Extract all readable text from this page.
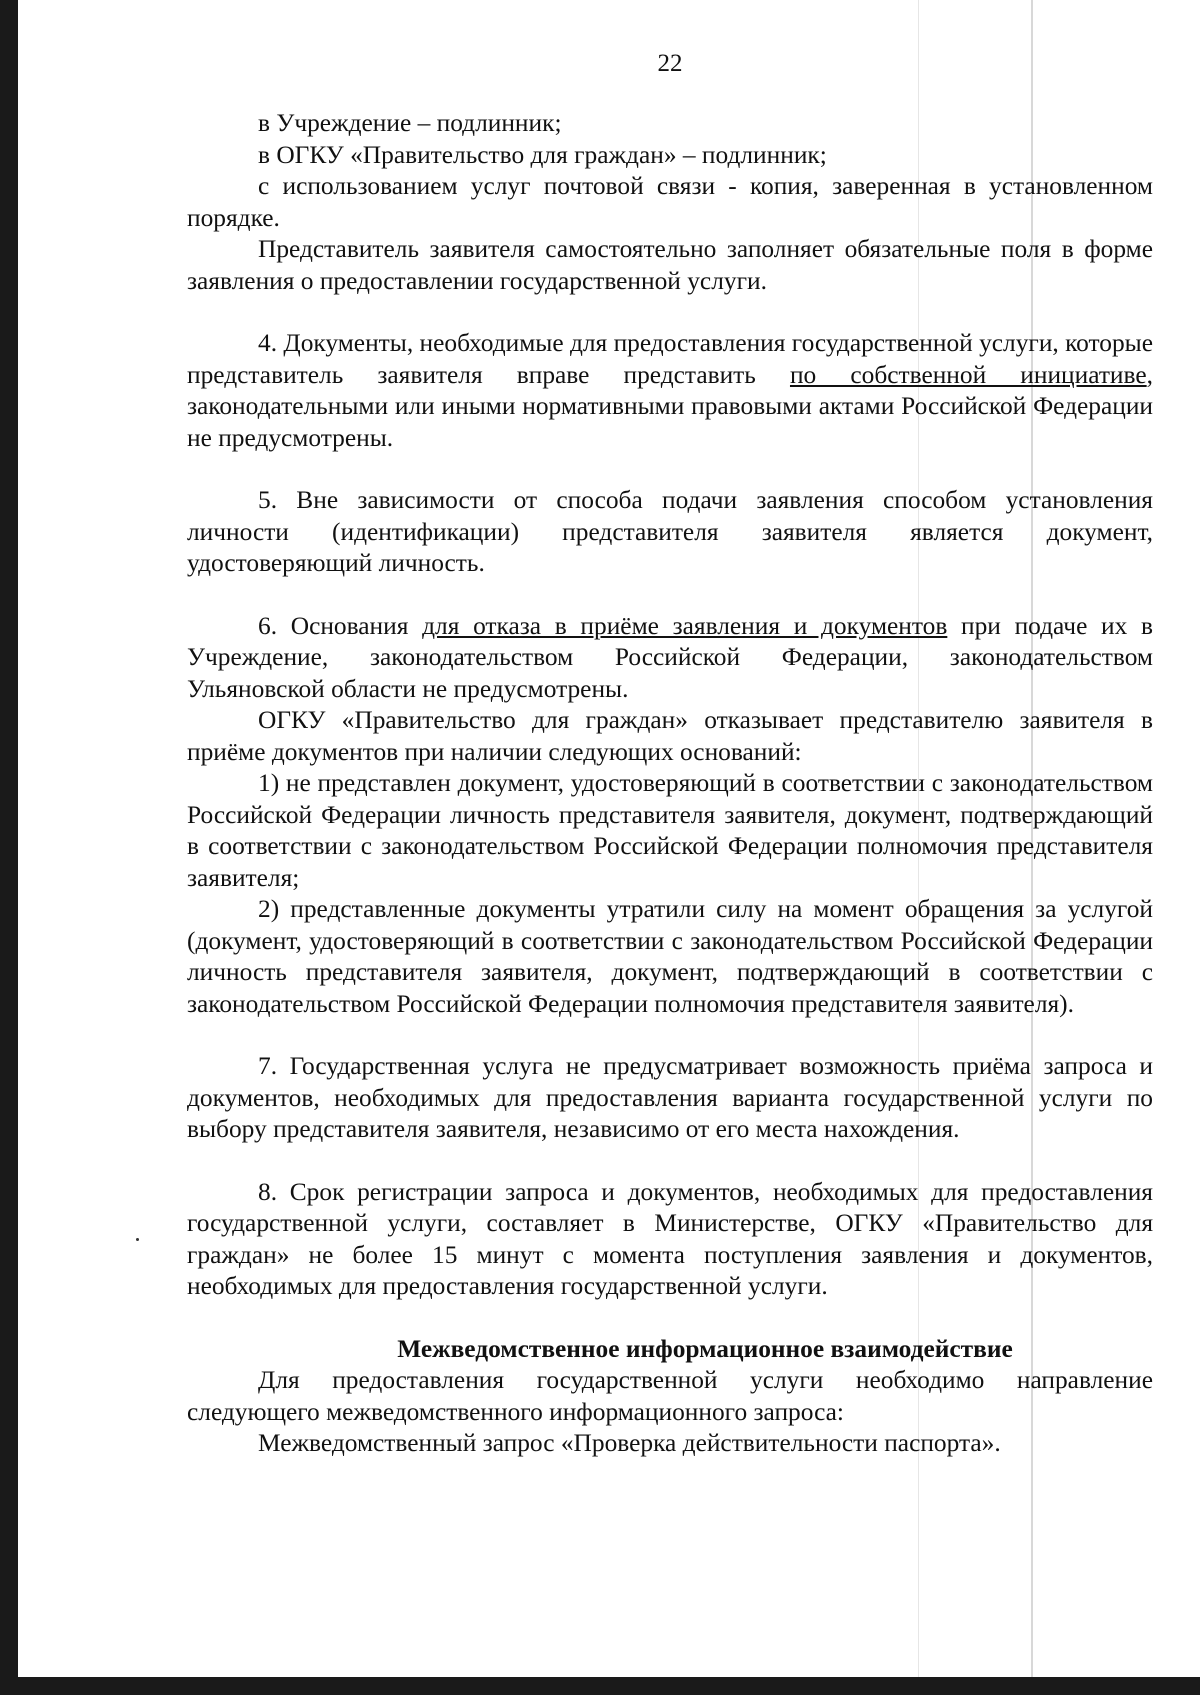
22

в Учреждение – подлинник;

в ОГКУ «Правительство для граждан» – подлинник;

с использованием услуг почтовой связи - копия, заверенная в установленном порядке.

Представитель заявителя самостоятельно заполняет обязательные поля в форме заявления о предоставлении государственной услуги.

4. Документы, необходимые для предоставления государственной услуги, которые представитель заявителя вправе представить по собственной инициативе, законодательными или иными нормативными правовыми актами Российской Федерации не предусмотрены.

5. Вне зависимости от способа подачи заявления способом установления личности (идентификации) представителя заявителя является документ, удостоверяющий личность.

6. Основания для отказа в приёме заявления и документов при подаче их в Учреждение, законодательством Российской Федерации, законодательством Ульяновской области не предусмотрены.

ОГКУ «Правительство для граждан» отказывает представителю заявителя в приёме документов при наличии следующих оснований:

1) не представлен документ, удостоверяющий в соответствии с законодательством Российской Федерации личность представителя заявителя, документ, подтверждающий в соответствии с законодательством Российской Федерации полномочия представителя заявителя;

2) представленные документы утратили силу на момент обращения за услугой (документ, удостоверяющий в соответствии с законодательством Российской Федерации личность представителя заявителя, документ, подтверждающий в соответствии с законодательством Российской Федерации полномочия представителя заявителя).

7. Государственная услуга не предусматривает возможность приёма запроса и документов, необходимых для предоставления варианта государственной услуги по выбору представителя заявителя, независимо от его места нахождения.

8. Срок регистрации запроса и документов, необходимых для предоставления государственной услуги, составляет в Министерстве, ОГКУ «Правительство для граждан» не более 15 минут с момента поступления заявления и документов, необходимых для предоставления государственной услуги.

Межведомственное информационное взаимодействие

Для предоставления государственной услуги необходимо направление следующего межведомственного информационного запроса:

Межведомственный запрос «Проверка действительности паспорта».
